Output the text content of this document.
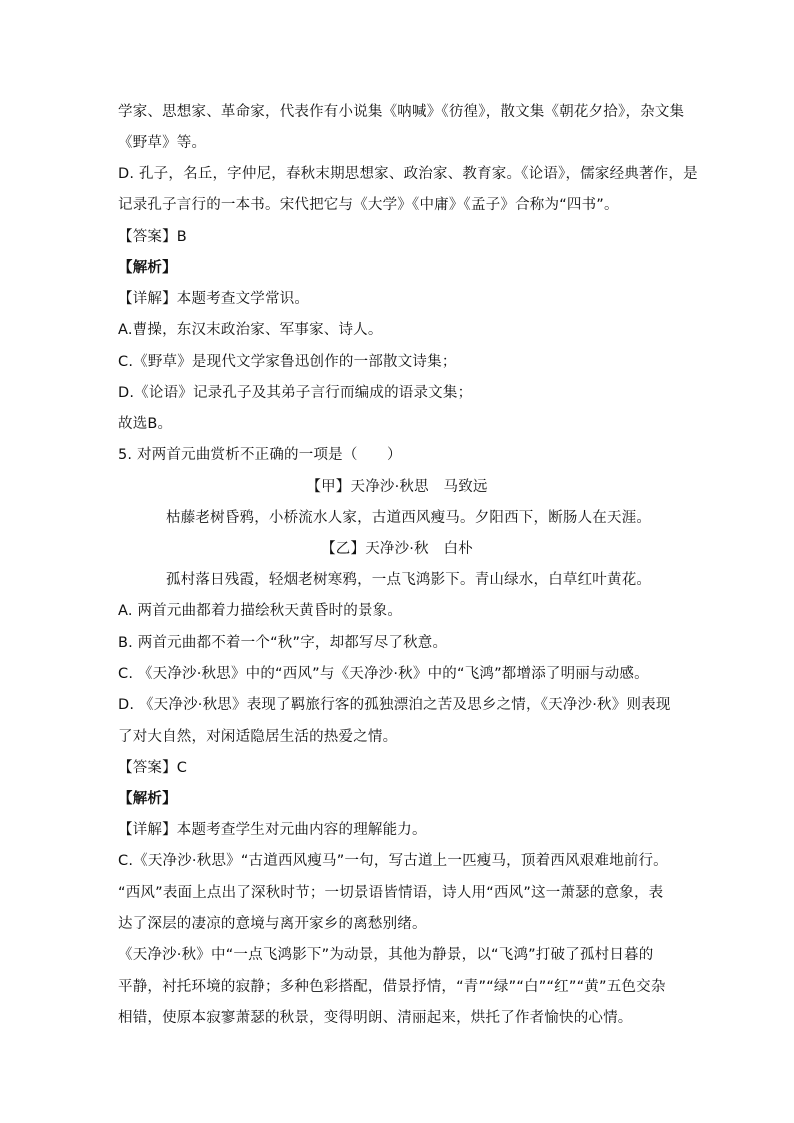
学家、思想家、革命家，代表作有小说集《呐喊》《彷徨》，散文集《朝花夕拾》，杂文集
《野草》等。
D. 孔子，名丘，字仲尼，春秋末期思想家、政治家、教育家。《论语》，儒家经典著作，是
记录孔子言行的一本书。宋代把它与《大学》《中庸》《孟子》合称为“四书”。
【答案】B
【解析】
【详解】本题考查文学常识。
A.曹操，东汉末政治家、军事家、诗人。
C.《野草》是现代文学家鲁迅创作的一部散文诗集；
D.《论语》记录孔子及其弟子言行而编成的语录文集；
故选B。
5. 对两首元曲赏析不正确的一项是（　　）
【甲】天净沙·秋思　马致远
枯藤老树昏鸦，小桥流水人家，古道西风瘦马。夕阳西下，断肠人在天涯。
【乙】天净沙·秋　白朴
孤村落日残霞，轻烟老树寒鸦，一点飞鸿影下。青山绿水，白草红叶黄花。
A. 两首元曲都着力描绘秋天黄昏时的景象。
B. 两首元曲都不着一个“秋”字，却都写尽了秋意。
C. 《天净沙·秋思》中的“西风”与《天净沙·秋》中的“飞鸿”都增添了明丽与动感。
D. 《天净沙·秋思》表现了羁旅行客的孤独漂泊之苦及思乡之情，《天净沙·秋》则表现
了对大自然，对闲适隐居生活的热爱之情。
【答案】C
【解析】
【详解】本题考查学生对元曲内容的理解能力。
C.《天净沙·秋思》“古道西风瘦马”一句，写古道上一匹瘦马，顶着西风艰难地前行。
“西风”表面上点出了深秋时节；一切景语皆情语，诗人用“西风”这一萧瑟的意象，表
达了深层的凄凉的意境与离开家乡的离愁别绪。
《天净沙·秋》中“一点飞鸿影下”为动景，其他为静景，以“飞鸿”打破了孤村日暮的
平静，衬托环境的寂静；多种色彩搭配，借景抒情，“青”“绿”“白”“红”“黄”五色交杂
相错，使原本寂寥萧瑟的秋景，变得明朗、清丽起来，烘托了作者愉快的心情。
